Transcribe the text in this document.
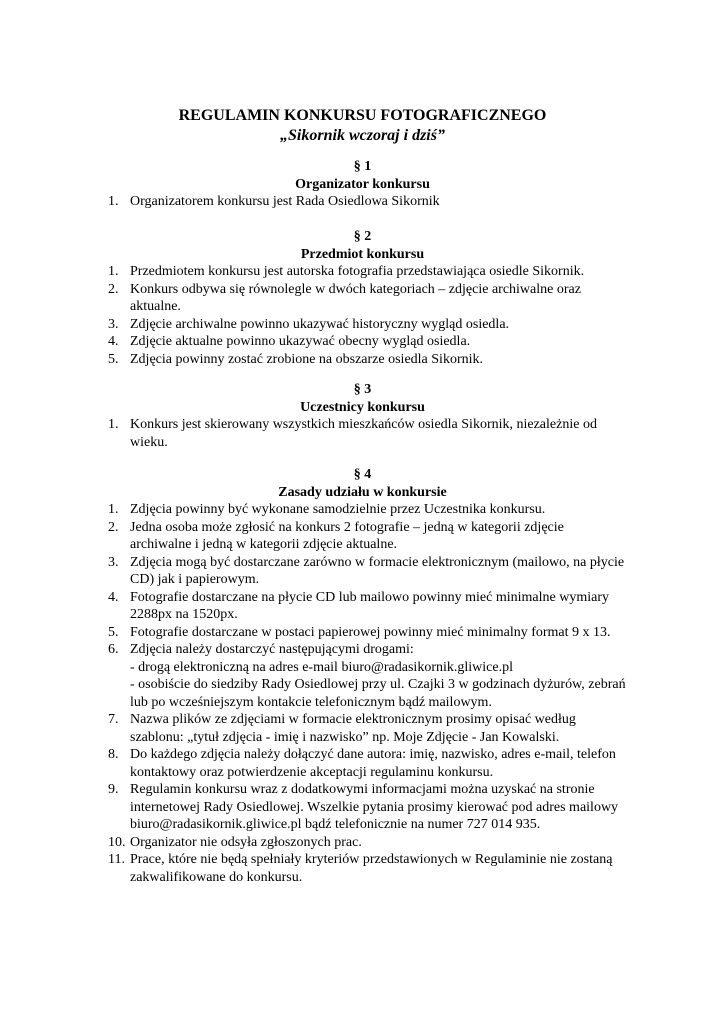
REGULAMIN KONKURSU FOTOGRAFICZNEGO
„Sikornik wczoraj i dziś”
§ 1
Organizator konkursu
1. Organizatorem konkursu jest Rada Osiedlowa Sikornik
§ 2
Przedmiot konkursu
1. Przedmiotem konkursu jest autorska fotografia przedstawiająca osiedle Sikornik.
2. Konkurs odbywa się równolegle w dwóch kategoriach – zdjęcie archiwalne oraz aktualne.
3. Zdjęcie archiwalne powinno ukazywać historyczny wygląd osiedla.
4. Zdjęcie aktualne powinno ukazywać obecny wygląd osiedla.
5. Zdjęcia powinny zostać zrobione na obszarze osiedla Sikornik.
§ 3
Uczestnicy konkursu
1. Konkurs jest skierowany wszystkich mieszkańców osiedla Sikornik, niezależnie od wieku.
§ 4
Zasady udziału w konkursie
1. Zdjęcia powinny być wykonane samodzielnie przez Uczestnika konkursu.
2. Jedna osoba może zgłosić na konkurs 2 fotografie – jedną w kategorii zdjęcie archiwalne i jedną w kategorii zdjęcie aktualne.
3. Zdjęcia mogą być dostarczane zarówno w formacie elektronicznym (mailowo, na płycie CD) jak i papierowym.
4. Fotografie dostarczane na płycie CD lub mailowo powinny mieć minimalne wymiary 2288px na 1520px.
5. Fotografie dostarczane w postaci papierowej powinny mieć minimalny format 9 x 13.
6. Zdjęcia należy dostarczyć następującymi drogami:
- drogą elektroniczną na adres e-mail biuro@radasikornik.gliwice.pl
- osobiście do siedziby Rady Osiedlowej przy ul. Czajki 3 w godzinach dyżurów, zebrań lub po wcześniejszym kontakcie telefonicznym bądź mailowym.
7. Nazwa plików ze zdjęciami w formacie elektronicznym prosimy opisać według szablonu: „tytuł zdjęcia - imię i nazwisko” np. Moje Zdjęcie - Jan Kowalski.
8. Do każdego zdjęcia należy dołączyć dane autora: imię, nazwisko, adres e-mail, telefon kontaktowy oraz potwierdzenie akceptacji regulaminu konkursu.
9. Regulamin konkursu wraz z dodatkowymi informacjami można uzyskać na stronie internetowej Rady Osiedlowej. Wszelkie pytania prosimy kierować pod adres mailowy biuro@radasikornik.gliwice.pl bądź telefonicznie na numer 727 014 935.
10. Organizator nie odsyła zgłoszonych prac.
11. Prace, które nie będą spełniały kryteriów przedstawionych w Regulaminie nie zostaną zakwalifikowane do konkursu.
